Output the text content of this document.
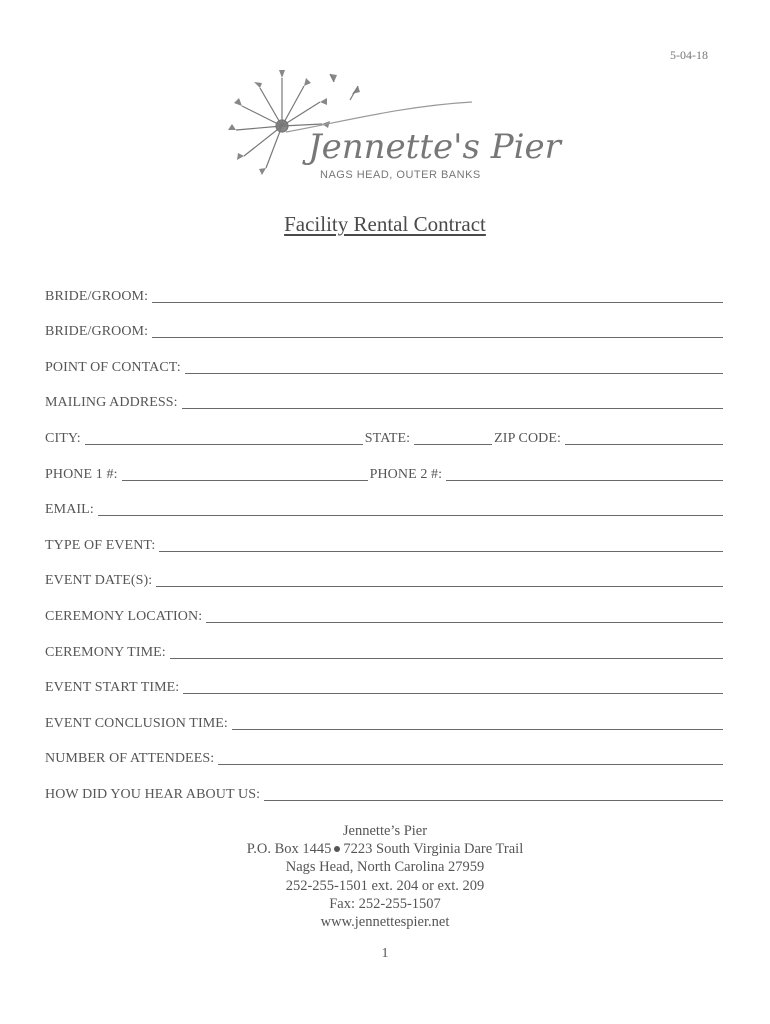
5-04-18
Jennette's Pier
NAGS HEAD, OUTER BANKS
Facility Rental Contract
BRIDE/GROOM:
BRIDE/GROOM:
POINT OF CONTACT:
MAILING ADDRESS:
CITY:	STATE:	ZIP CODE:
PHONE 1 #:	PHONE 2 #:
EMAIL:
TYPE OF EVENT:
EVENT DATE(S):
CEREMONY LOCATION:
CEREMONY TIME:
EVENT START TIME:
EVENT CONCLUSION TIME:
NUMBER OF ATTENDEES:
HOW DID YOU HEAR ABOUT US:
Jennette’s Pier
P.O. Box 1445 7223 South Virginia Dare Trail
Nags Head, North Carolina 27959
252-255-1501 ext. 204 or ext. 209
Fax: 252-255-1507
www.jennettespier.net
1
